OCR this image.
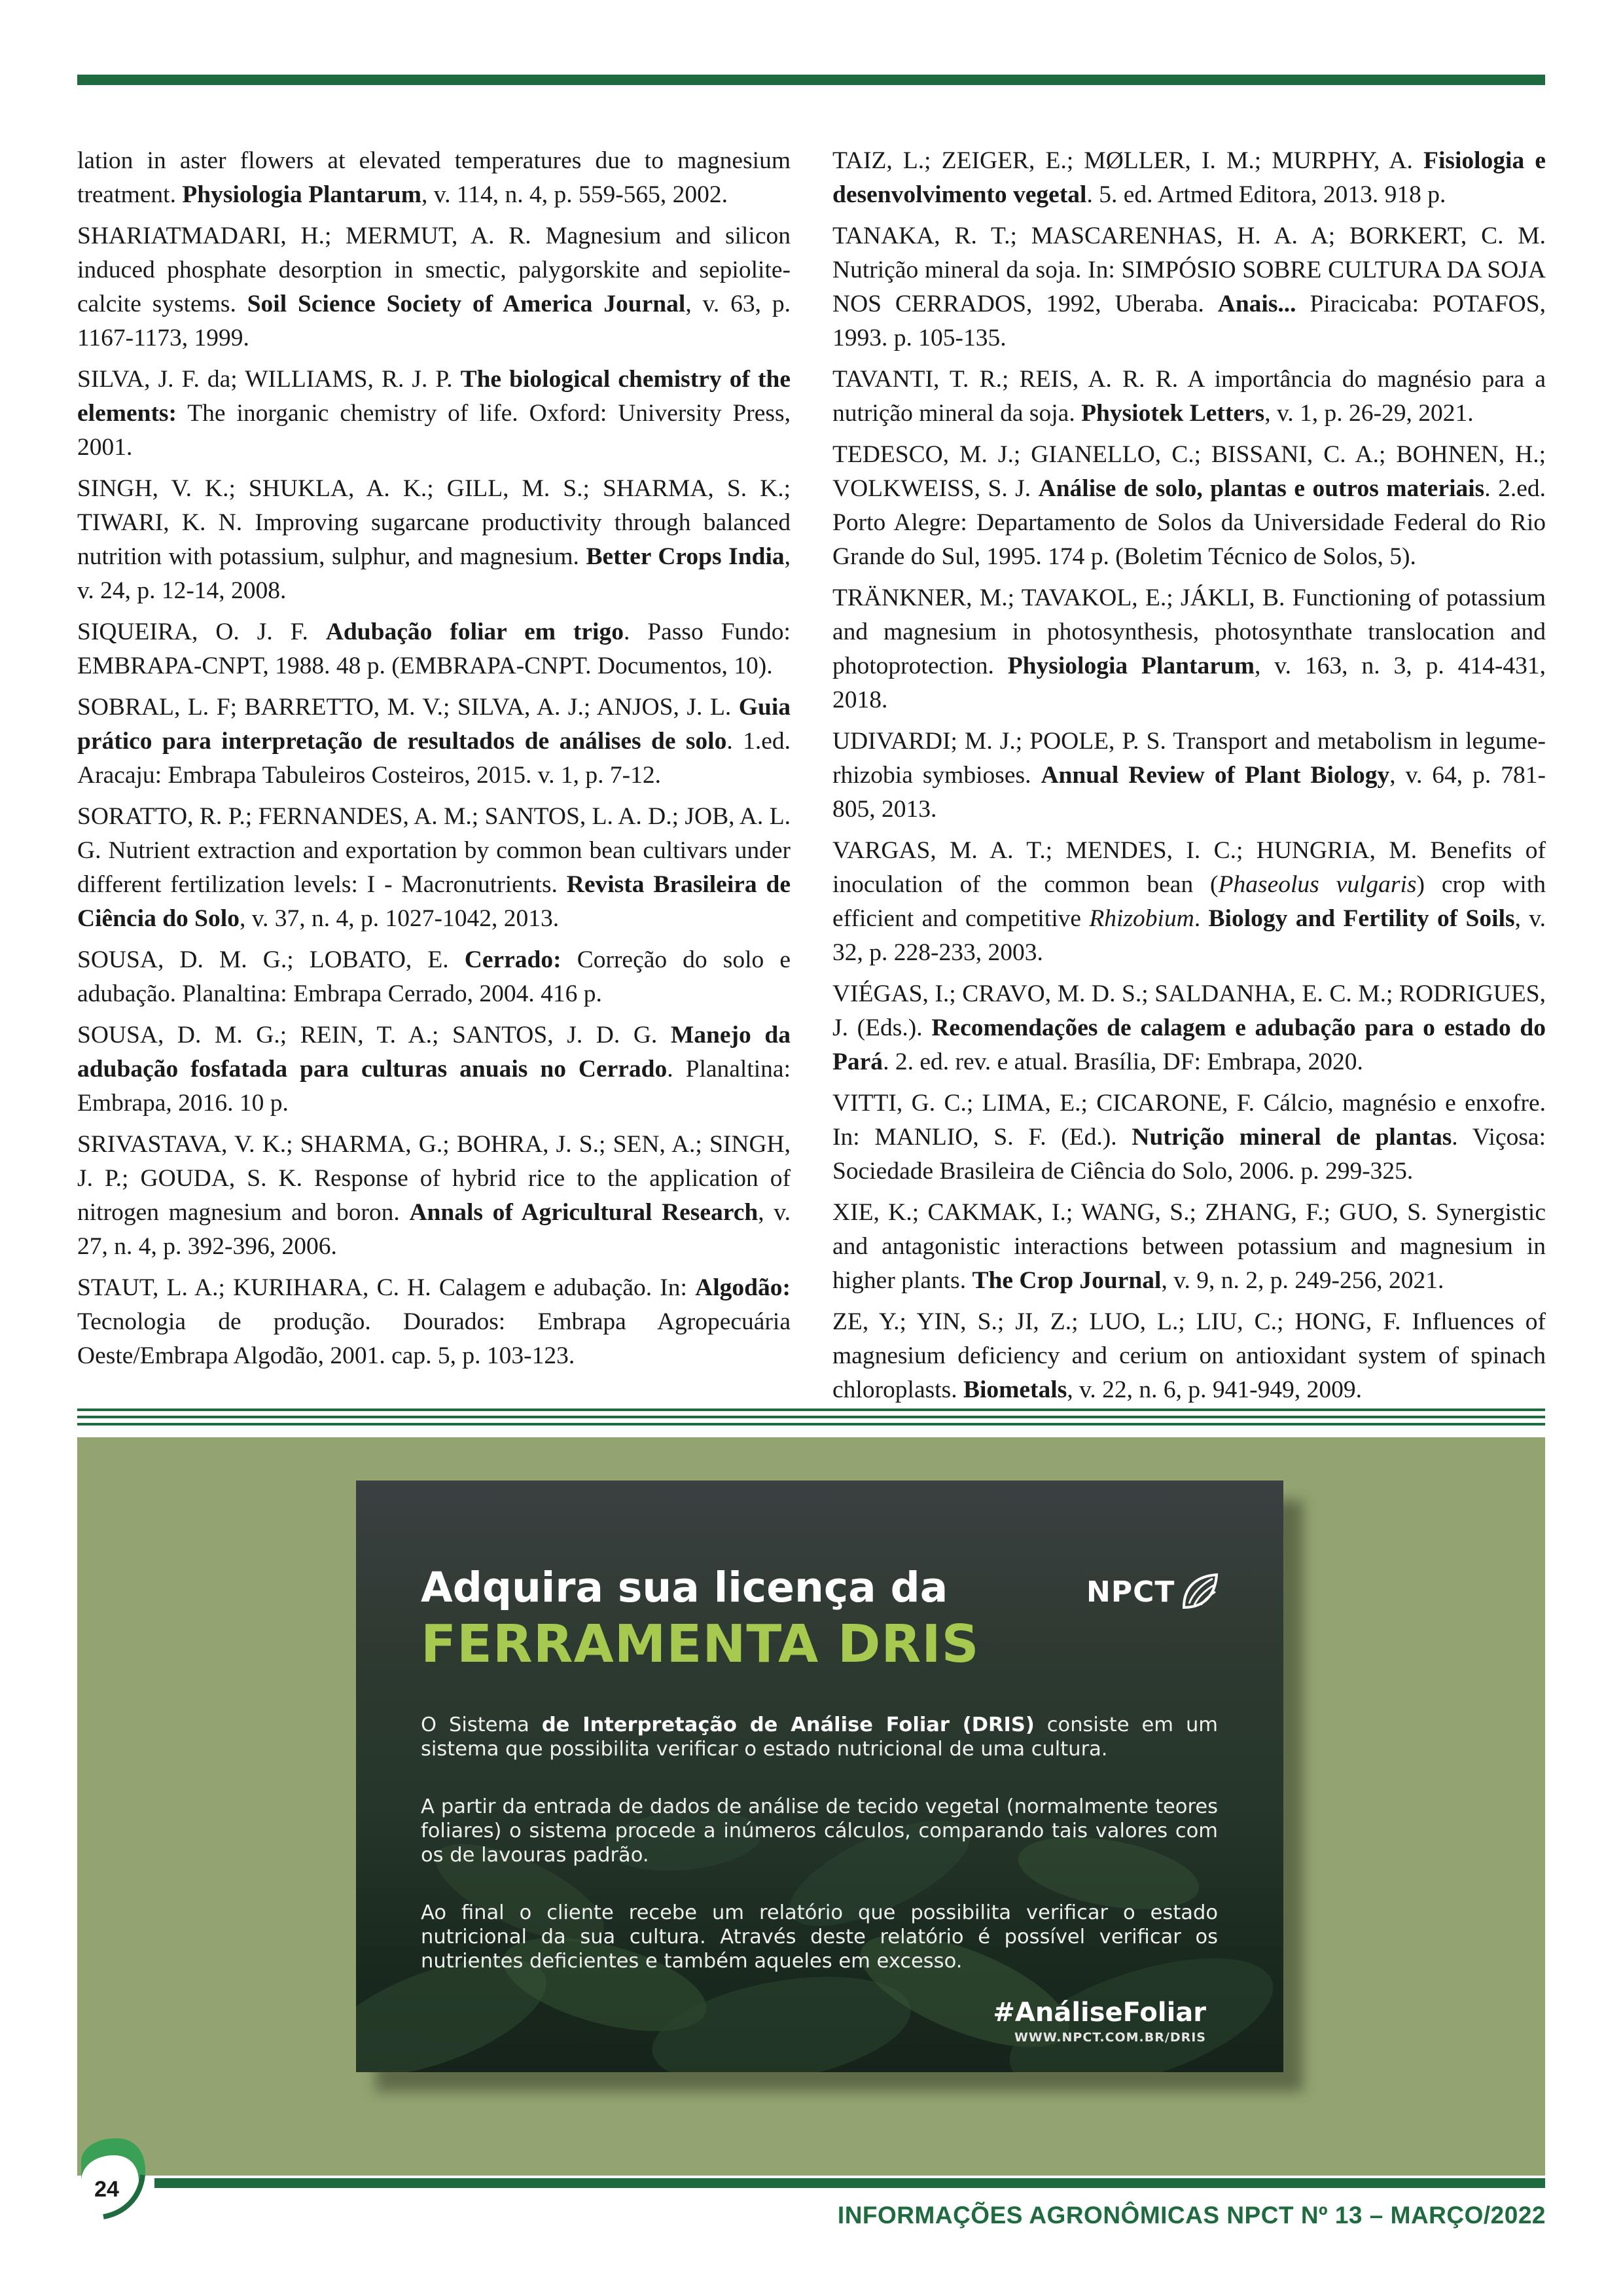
lation in aster flowers at elevated temperatures due to magnesium treatment. Physiologia Plantarum, v. 114, n. 4, p. 559-565, 2002.

SHARIATMADARI, H.; MERMUT, A. R. Magnesium and silicon induced phosphate desorption in smectic, palygorskite and sepiolite-calcite systems. Soil Science Society of America Journal, v. 63, p. 1167-1173, 1999.

SILVA, J. F. da; WILLIAMS, R. J. P. The biological chemistry of the elements: The inorganic chemistry of life. Oxford: University Press, 2001.

SINGH, V. K.; SHUKLA, A. K.; GILL, M. S.; SHARMA, S. K.; TIWARI, K. N. Improving sugarcane productivity through balanced nutrition with potassium, sulphur, and magnesium. Better Crops India, v. 24, p. 12-14, 2008.

SIQUEIRA, O. J. F. Adubação foliar em trigo. Passo Fundo: EMBRAPA-CNPT, 1988. 48 p. (EMBRAPA-CNPT. Documentos, 10).

SOBRAL, L. F; BARRETTO, M. V.; SILVA, A. J.; ANJOS, J. L. Guia prático para interpretação de resultados de análises de solo. 1.ed. Aracaju: Embrapa Tabuleiros Costeiros, 2015. v. 1, p. 7-12.

SORATTO, R. P.; FERNANDES, A. M.; SANTOS, L. A. D.; JOB, A. L. G. Nutrient extraction and exportation by common bean cultivars under different fertilization levels: I - Macronutrients. Revista Brasileira de Ciência do Solo, v. 37, n. 4, p. 1027-1042, 2013.

SOUSA, D. M. G.; LOBATO, E. Cerrado: Correção do solo e adubação. Planaltina: Embrapa Cerrado, 2004. 416 p.

SOUSA, D. M. G.; REIN, T. A.; SANTOS, J. D. G. Manejo da adubação fosfatada para culturas anuais no Cerrado. Planaltina: Embrapa, 2016. 10 p.

SRIVASTAVA, V. K.; SHARMA, G.; BOHRA, J. S.; SEN, A.; SINGH, J. P.; GOUDA, S. K. Response of hybrid rice to the application of nitrogen magnesium and boron. Annals of Agricultural Research, v. 27, n. 4, p. 392-396, 2006.

STAUT, L. A.; KURIHARA, C. H. Calagem e adubação. In: Algodão: Tecnologia de produção. Dourados: Embrapa Agropecuária Oeste/Embrapa Algodão, 2001. cap. 5, p. 103-123.

TAIZ, L.; ZEIGER, E.; MØLLER, I. M.; MURPHY, A. Fisiologia e desenvolvimento vegetal. 5. ed. Artmed Editora, 2013. 918 p.

TANAKA, R. T.; MASCARENHAS, H. A. A; BORKERT, C. M. Nutrição mineral da soja. In: SIMPÓSIO SOBRE CULTURA DA SOJA NOS CERRADOS, 1992, Uberaba. Anais... Piracicaba: POTAFOS, 1993. p. 105-135.

TAVANTI, T. R.; REIS, A. R. R. A importância do magnésio para a nutrição mineral da soja. Physiotek Letters, v. 1, p. 26-29, 2021.

TEDESCO, M. J.; GIANELLO, C.; BISSANI, C. A.; BOHNEN, H.; VOLKWEISS, S. J. Análise de solo, plantas e outros materiais. 2.ed. Porto Alegre: Departamento de Solos da Universidade Federal do Rio Grande do Sul, 1995. 174 p. (Boletim Técnico de Solos, 5).

TRÄNKNER, M.; TAVAKOL, E.; JÁKLI, B. Functioning of potassium and magnesium in photosynthesis, photosynthate translocation and photoprotection. Physiologia Plantarum, v. 163, n. 3, p. 414-431, 2018.

UDIVARDI; M. J.; POOLE, P. S. Transport and metabolism in legume-rhizobia symbioses. Annual Review of Plant Biology, v. 64, p. 781-805, 2013.

VARGAS, M. A. T.; MENDES, I. C.; HUNGRIA, M. Benefits of inoculation of the common bean (Phaseolus vulgaris) crop with efficient and competitive Rhizobium. Biology and Fertility of Soils, v. 32, p. 228-233, 2003.

VIÉGAS, I.; CRAVO, M. D. S.; SALDANHA, E. C. M.; RODRIGUES, J. (Eds.). Recomendações de calagem e adubação para o estado do Pará. 2. ed. rev. e atual. Brasília, DF: Embrapa, 2020.

VITTI, G. C.; LIMA, E.; CICARONE, F. Cálcio, magnésio e enxofre. In: MANLIO, S. F. (Ed.). Nutrição mineral de plantas. Viçosa: Sociedade Brasileira de Ciência do Solo, 2006. p. 299-325.

XIE, K.; CAKMAK, I.; WANG, S.; ZHANG, F.; GUO, S. Synergistic and antagonistic interactions between potassium and magnesium in higher plants. The Crop Journal, v. 9, n. 2, p. 249-256, 2021.

ZE, Y.; YIN, S.; JI, Z.; LUO, L.; LIU, C.; HONG, F. Influences of magnesium deficiency and cerium on antioxidant system of spinach chloroplasts. Biometals, v. 22, n. 6, p. 941-949, 2009.

Adquira sua licença da
FERRAMENTA DRIS
NPCT

O Sistema de Interpretação de Análise Foliar (DRIS) consiste em um sistema que possibilita verificar o estado nutricional de uma cultura.

A partir da entrada de dados de análise de tecido vegetal (normalmente teores foliares) o sistema procede a inúmeros cálculos, comparando tais valores com os de lavouras padrão.

Ao final o cliente recebe um relatório que possibilita verificar o estado nutricional da sua cultura. Através deste relatório é possível verificar os nutrientes deficientes e também aqueles em excesso.

#AnáliseFoliar
WWW.NPCT.COM.BR/DRIS
24
INFORMAÇÕES AGRONÔMICAS NPCT Nº 13 – MARÇO/2022
